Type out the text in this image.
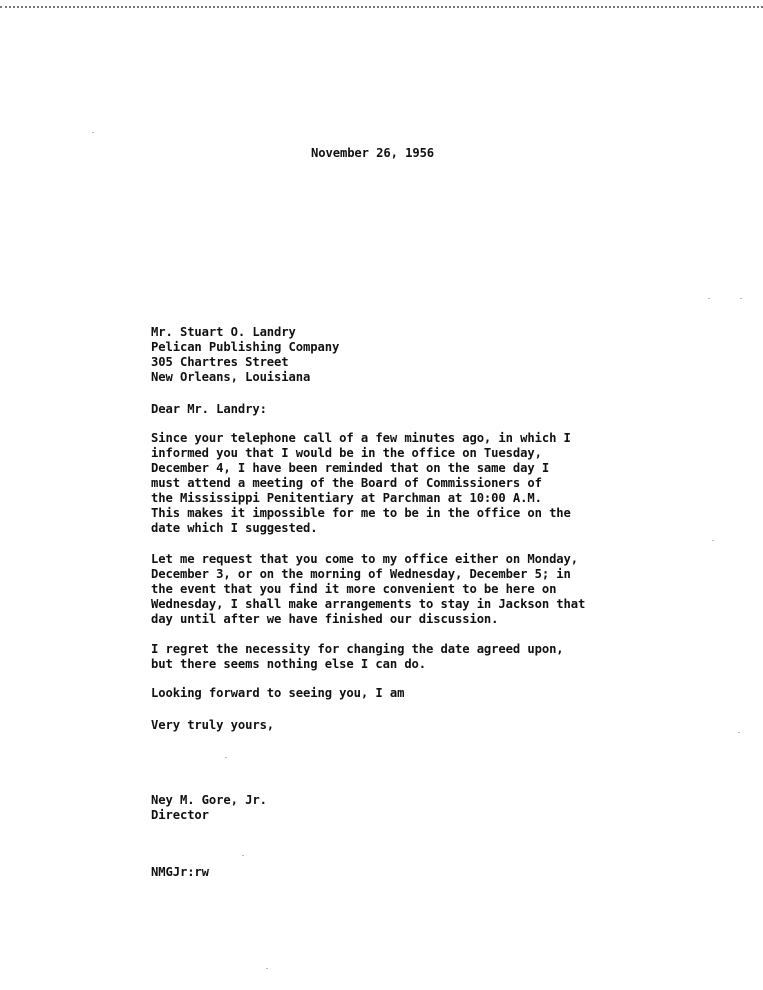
November 26, 1956
Mr. Stuart O. Landry
Pelican Publishing Company
305 Chartres Street
New Orleans, Louisiana
Dear Mr. Landry:
Since your telephone call of a few minutes ago, in which I
informed you that I would be in the office on Tuesday,
December 4, I have been reminded that on the same day I
must attend a meeting of the Board of Commissioners of
the Mississippi Penitentiary at Parchman at 10:00 A.M.
This makes it impossible for me to be in the office on the
date which I suggested.
Let me request that you come to my office either on Monday,
December 3, or on the morning of Wednesday, December 5; in
the event that you find it more convenient to be here on
Wednesday, I shall make arrangements to stay in Jackson that
day until after we have finished our discussion.
I regret the necessity for changing the date agreed upon,
but there seems nothing else I can do.
Looking forward to seeing you, I am
Very truly yours,
Ney M. Gore, Jr.
Director
NMGJr:rw
